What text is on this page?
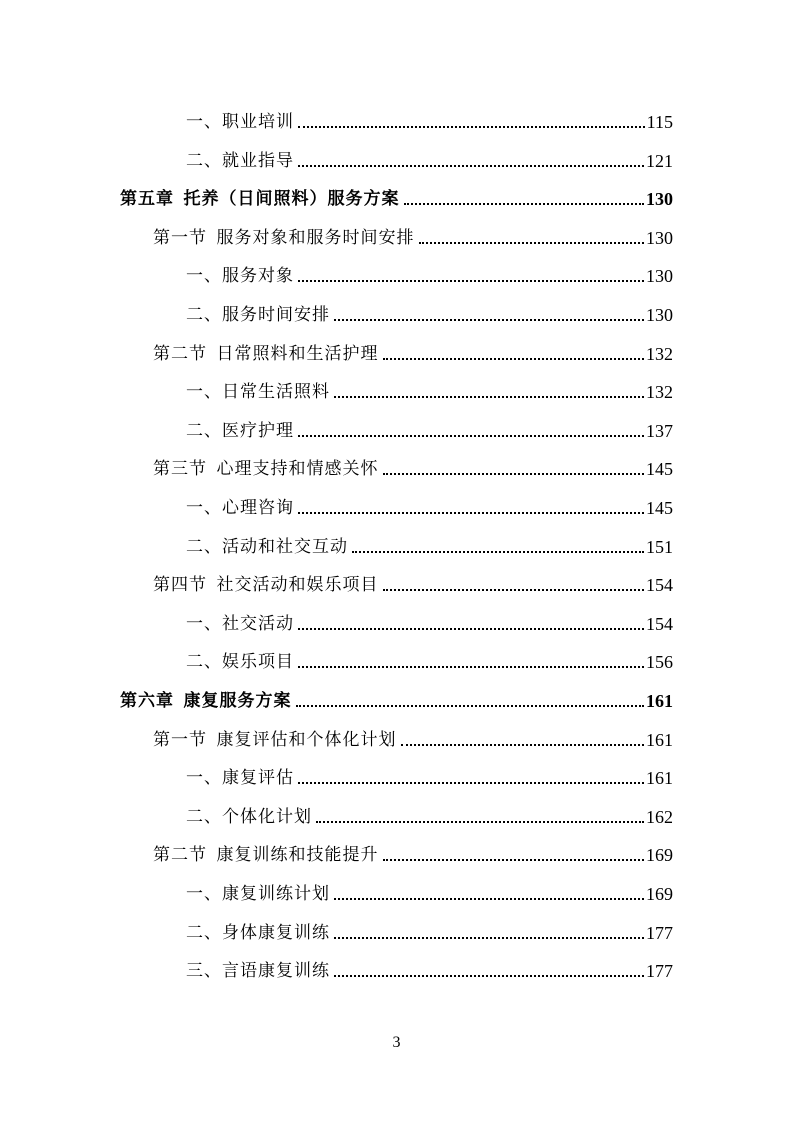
一、职业培训	115
二、就业指导	121
第五章  托养（日间照料）服务方案	130
第一节  服务对象和服务时间安排	130
一、服务对象	130
二、服务时间安排	130
第二节  日常照料和生活护理	132
一、日常生活照料	132
二、医疗护理	137
第三节  心理支持和情感关怀	145
一、心理咨询	145
二、活动和社交互动	151
第四节  社交活动和娱乐项目	154
一、社交活动	154
二、娱乐项目	156
第六章  康复服务方案	161
第一节  康复评估和个体化计划	161
一、康复评估	161
二、个体化计划	162
第二节  康复训练和技能提升	169
一、康复训练计划	169
二、身体康复训练	177
三、言语康复训练	177
3
